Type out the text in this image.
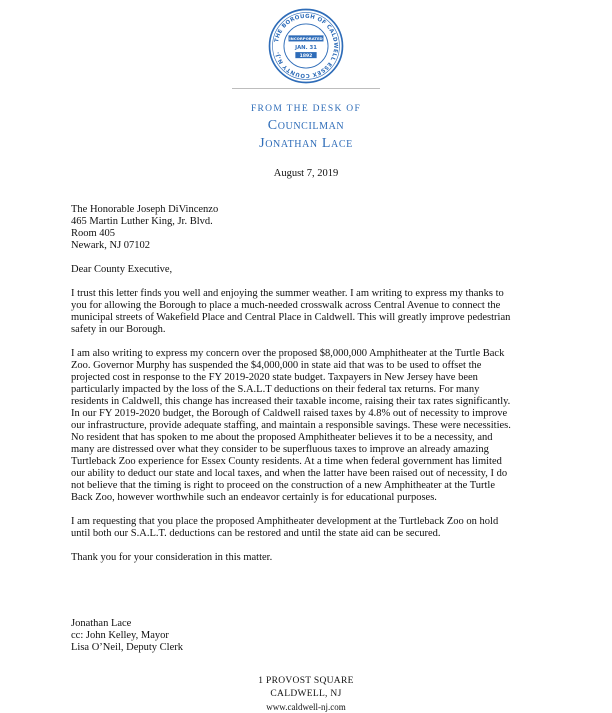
THE BOROUGH OF CALDWELL ESSEX COUNTY N.J.
INCORPORATED
JAN. 31
1892
FROM THE DESK OF
Councilman
Jonathan Lace
August 7, 2019
The Honorable Joseph DiVincenzo
465 Martin Luther King, Jr. Blvd.
Room 405
Newark, NJ 07102
Dear County Executive,
I trust this letter finds you well and enjoying the summer weather. I am writing to express my thanks to
you for allowing the Borough to place a much-needed crosswalk across Central Avenue to connect the
municipal streets of Wakefield Place and Central Place in Caldwell. This will greatly improve pedestrian
safety in our Borough.
I am also writing to express my concern over the proposed $8,000,000 Amphitheater at the Turtle Back
Zoo. Governor Murphy has suspended the $4,000,000 in state aid that was to be used to offset the
projected cost in response to the FY 2019-2020 state budget. Taxpayers in New Jersey have been
particularly impacted by the loss of the S.A.L.T deductions on their federal tax returns. For many
residents in Caldwell, this change has increased their taxable income, raising their tax rates significantly.
In our FY 2019-2020 budget, the Borough of Caldwell raised taxes by 4.8% out of necessity to improve
our infrastructure, provide adequate staffing, and maintain a responsible savings. These were necessities.
No resident that has spoken to me about the proposed Amphitheater believes it to be a necessity, and
many are distressed over what they consider to be superfluous taxes to improve an already amazing
Turtleback Zoo experience for Essex County residents. At a time when federal government has limited
our ability to deduct our state and local taxes, and when the latter have been raised out of necessity, I do
not believe that the timing is right to proceed on the construction of a new Amphitheater at the Turtle
Back Zoo, however worthwhile such an endeavor certainly is for educational purposes.
I am requesting that you place the proposed Amphitheater development at the Turtleback Zoo on hold
until both our S.A.L.T. deductions can be restored and until the state aid can be secured.
Thank you for your consideration in this matter.
Jonathan Lace
cc: John Kelley, Mayor
Lisa O’Neil, Deputy Clerk
1 PROVOST SQUARE
CALDWELL, NJ
www.caldwell-nj.com
